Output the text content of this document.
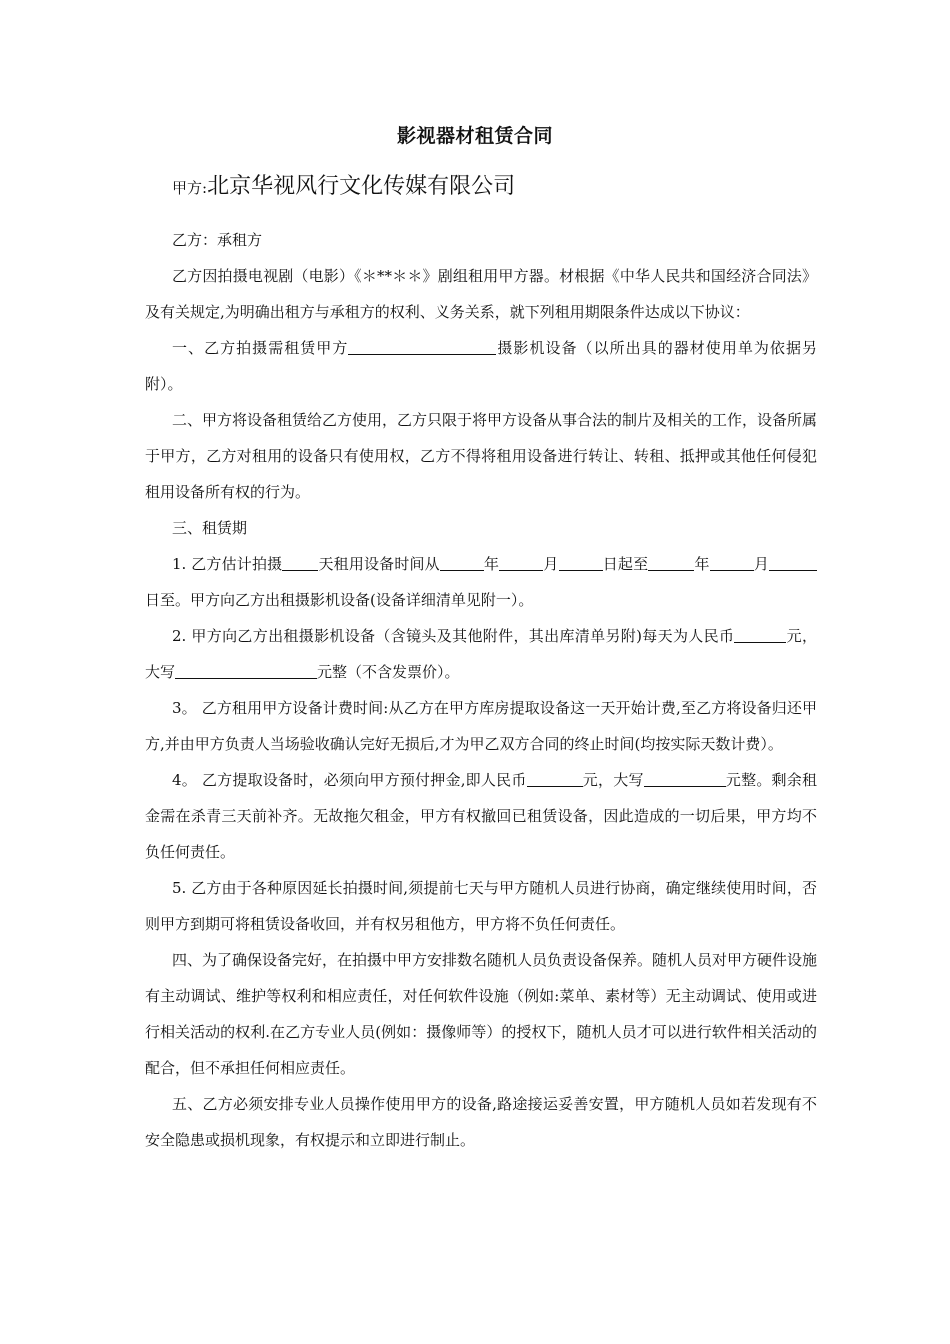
影视器材租赁合同
甲方:北京华视风行文化传媒有限公司

乙方：承租方

乙方因拍摄电视剧（电影）《＊**＊＊》剧组租用甲方器。材根据《中华人民共和国经济合同法》及有关规定,为明确出租方与承租方的权利、义务关系，就下列租用期限条件达成以下协议：

一、乙方拍摄需租赁甲方	摄影机设备（以所出具的器材使用单为依据另附）。

二、甲方将设备租赁给乙方使用，乙方只限于将甲方设备从事合法的制片及相关的工作，设备所属于甲方，乙方对租用的设备只有使用权，乙方不得将租用设备进行转让、转租、抵押或其他任何侵犯租用设备所有权的行为。

三、租赁期

1. 乙方估计拍摄 天租用设备时间从	年	月	日起至	年	月日至。甲方向乙方出租摄影机设备(设备详细清单见附一）。

2. 甲方向乙方出租摄影机设备（含镜头及其他附件，其出库清单另附)每天为人民币	元，大写	元整（不含发票价）。

3。 乙方租用甲方设备计费时间:从乙方在甲方库房提取设备这一天开始计费,至乙方将设备归还甲方,并由甲方负责人当场验收确认完好无损后,才为甲乙双方合同的终止时间(均按实际天数计费）。

4。 乙方提取设备时，必须向甲方预付押金,即人民币	元，大写	元整。剩余租金需在杀青三天前补齐。无故拖欠租金，甲方有权撤回已租赁设备，因此造成的一切后果，甲方均不负任何责任。

5. 乙方由于各种原因延长拍摄时间,须提前七天与甲方随机人员进行协商，确定继续使用时间，否则甲方到期可将租赁设备收回，并有权另租他方，甲方将不负任何责任。

四、为了确保设备完好，在拍摄中甲方安排数名随机人员负责设备保养。随机人员对甲方硬件设施有主动调试、维护等权利和相应责任，对任何软件设施（例如:菜单、素材等）无主动调试、使用或进行相关活动的权利.在乙方专业人员(例如：摄像师等）的授权下，随机人员才可以进行软件相关活动的配合，但不承担任何相应责任。

五、乙方必须安排专业人员操作使用甲方的设备,路途接运妥善安置，甲方随机人员如若发现有不安全隐患或损机现象，有权提示和立即进行制止。
